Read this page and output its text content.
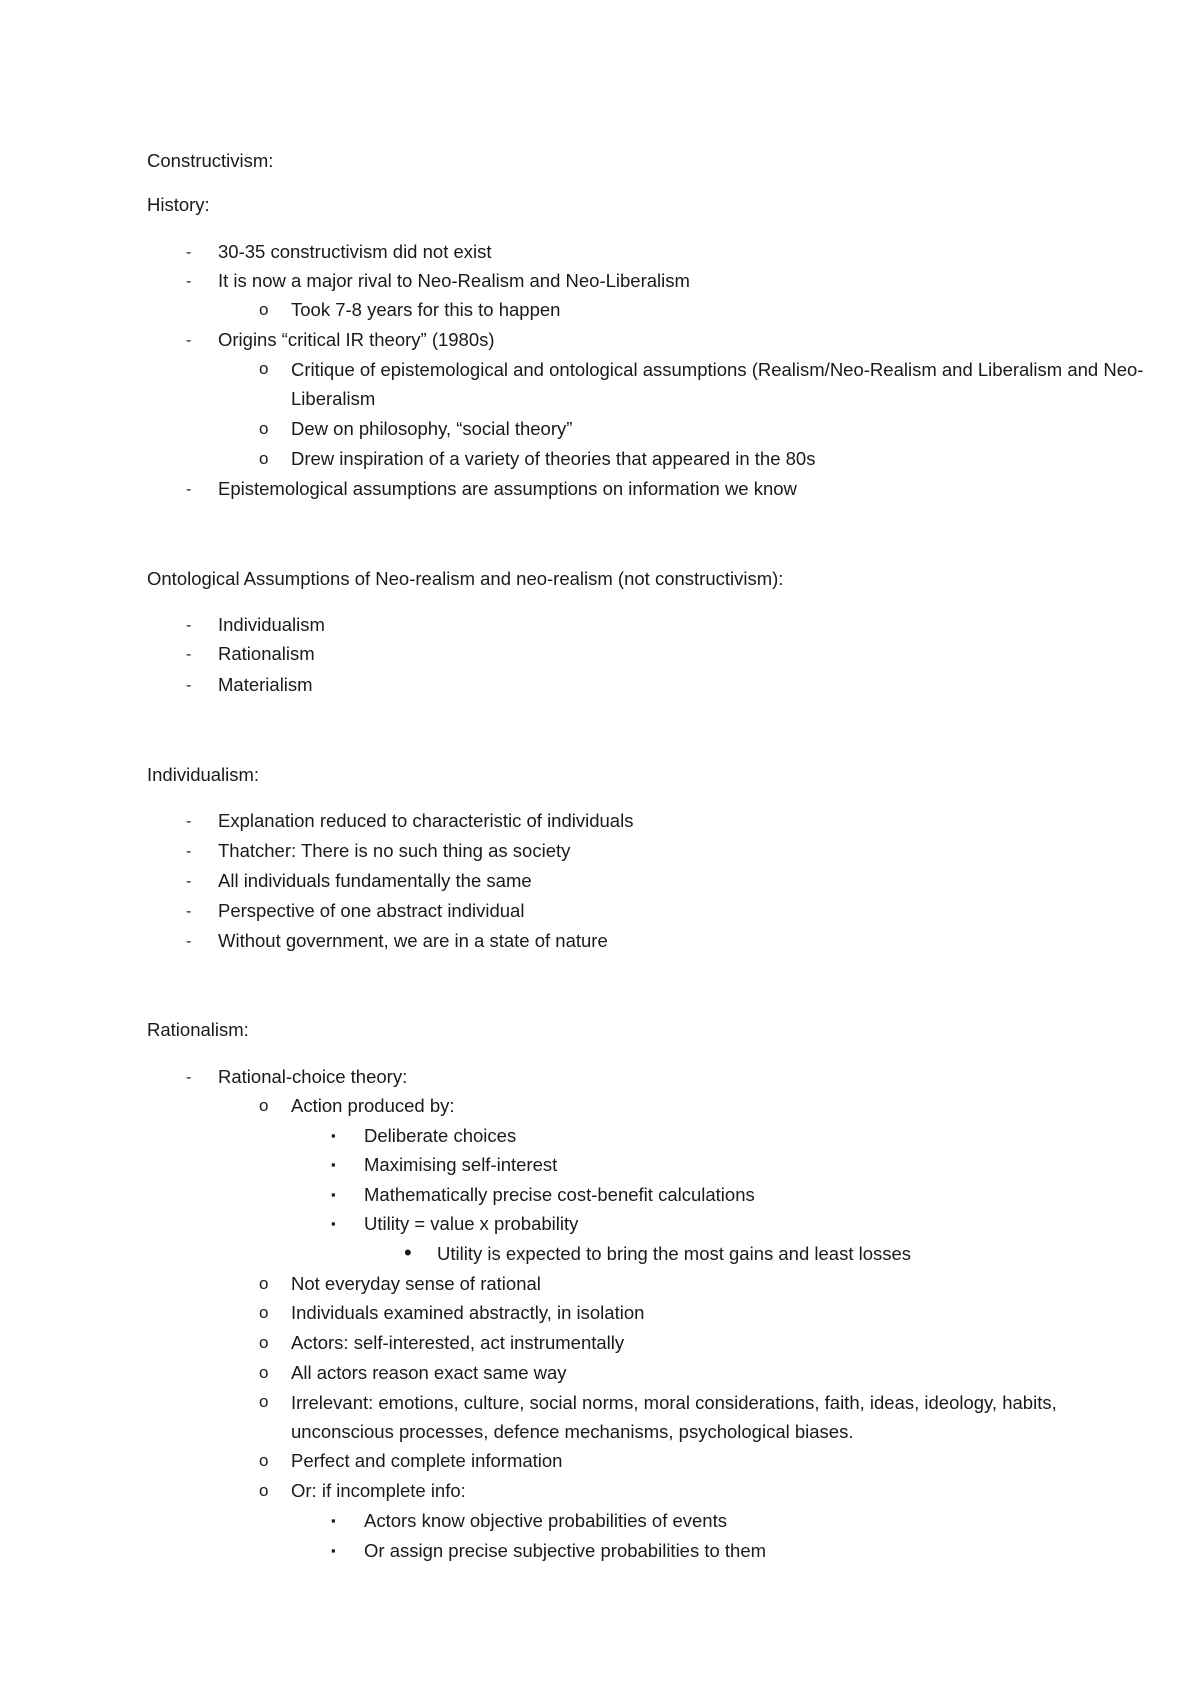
Constructivism:
History:
- 30-35 constructivism did not exist
- It is now a major rival to Neo-Realism and Neo-Liberalism
o Took 7-8 years for this to happen
- Origins “critical IR theory” (1980s)
o Critique of epistemological and ontological assumptions (Realism/Neo-Realism and Liberalism and Neo-Liberalism
o Dew on philosophy, “social theory”
o Drew inspiration of a variety of theories that appeared in the 80s
- Epistemological assumptions are assumptions on information we know
Ontological Assumptions of Neo-realism and neo-realism (not constructivism):
- Individualism
- Rationalism
- Materialism
Individualism:
- Explanation reduced to characteristic of individuals
- Thatcher: There is no such thing as society
- All individuals fundamentally the same
- Perspective of one abstract individual
- Without government, we are in a state of nature
Rationalism:
- Rational-choice theory:
o Action produced by:
▪ Deliberate choices
▪ Maximising self-interest
▪ Mathematically precise cost-benefit calculations
▪ Utility = value x probability
• Utility is expected to bring the most gains and least losses
o Not everyday sense of rational
o Individuals examined abstractly, in isolation
o Actors: self-interested, act instrumentally
o All actors reason exact same way
o Irrelevant: emotions, culture, social norms, moral considerations, faith, ideas, ideology, habits, unconscious processes, defence mechanisms, psychological biases.
o Perfect and complete information
o Or: if incomplete info:
▪ Actors know objective probabilities of events
▪ Or assign precise subjective probabilities to them
